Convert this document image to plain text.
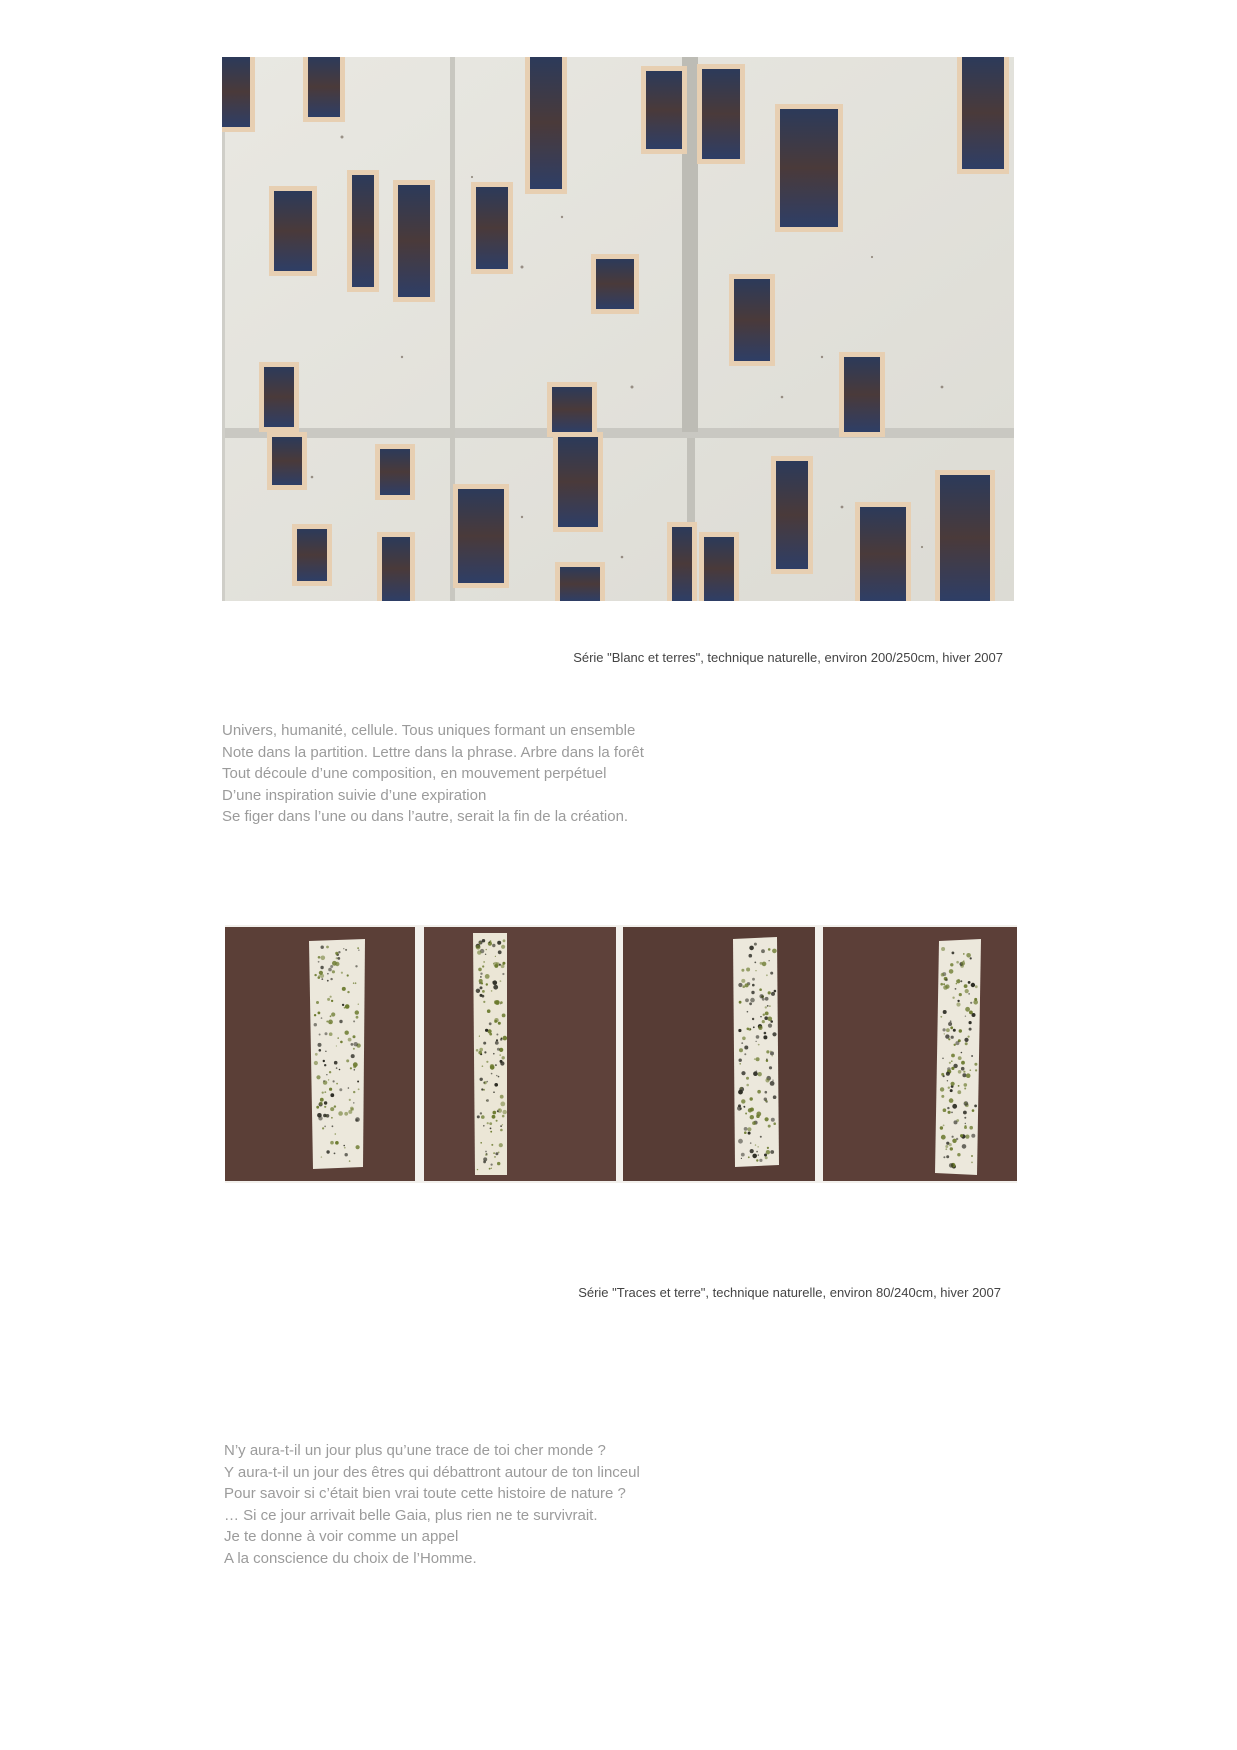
Série "Blanc et terres", technique naturelle, environ 200/250cm, hiver 2007
Univers, humanité, cellule. Tous uniques formant un ensemble
Note dans la partition. Lettre dans la phrase. Arbre dans la forêt
Tout découle d’une composition, en mouvement perpétuel
D’une inspiration suivie d’une expiration
Se figer dans l’une ou dans l’autre, serait la fin de la création.
Série "Traces et terre", technique naturelle, environ 80/240cm, hiver 2007
N’y aura-t-il un jour plus qu’une trace de toi cher monde ?
Y aura-t-il un jour des êtres qui débattront autour de ton linceul
Pour savoir si c’était bien vrai toute cette histoire de nature ?
… Si ce jour arrivait belle Gaia, plus rien ne te survivrait.
Je te donne à voir comme un appel
A la conscience du choix de l’Homme.
